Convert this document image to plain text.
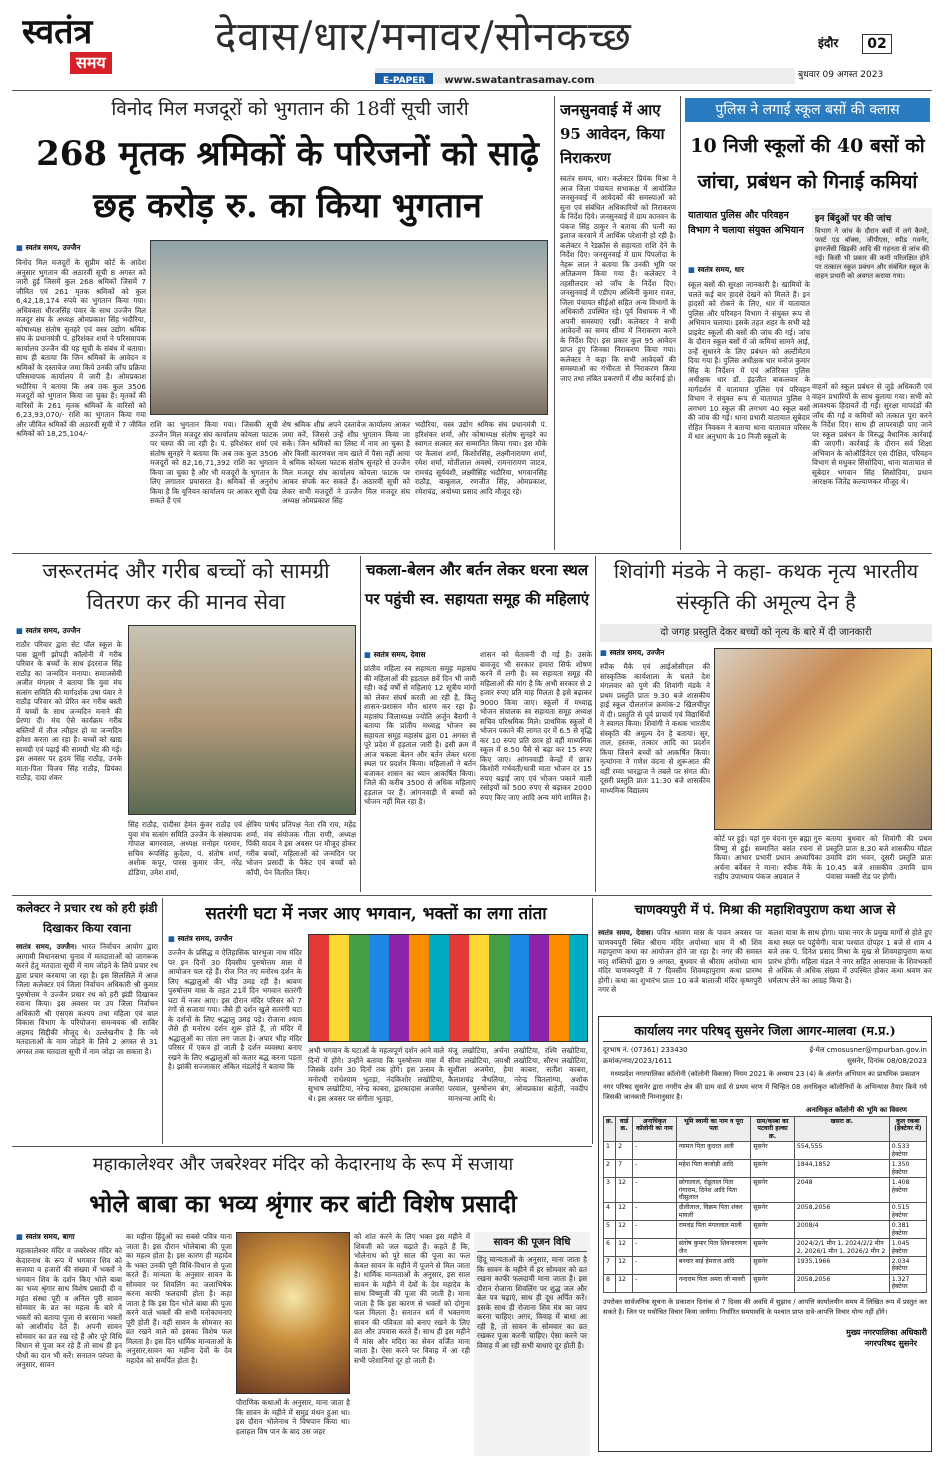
स्वतंत्र
समय
देवास/धार/मनावर/सोनकच्छ
E-PAPER www.swatantrasamay.com
इंदौर	02
बुधवार 09 अगस्त 2023
विनोद मिल मजदूरों को भुगतान की 18वीं सूची जारी
268 मृतक श्रमिकों के परिजनों को साढ़े छह करोड़ रु. का किया भुगतान
■ स्वतंत्र समय, उज्जैन
विनोद मिल मजदूरों के सुप्रीम कोर्ट के आदेश अनुसार भुगतान की अठारवीं सूची 8 अगस्त को जारी हुई जिसमें कुल 268 श्रमिकों जिसमें 7 जीवित एवं 261 मृतक श्रमिकों को कुल 6,42,18,174 रुपये का भुगतान किया गया। अधिवक्ता धीरजसिंह पंवार के साथ उज्जैन मिल मजदूर संघ के अध्यक्ष ओमप्रकाश सिंह भदौरिया, कोषाध्यक्ष संतोष सुनहरे एवं वस्त्र उद्योग श्रमिक संघ के प्रधानमंत्री पं. हरिशंकर शर्मा ने परिसमापक कार्यालय उज्जैन की यह सूची के संबंध में बताया। साथ ही बताया कि जिन श्रमिकों के आवेदन व श्रमिकों के दस्तावेज जमा किये उनकी जाँच प्रक्रिया परिसमापक कार्यालय में जारी है। ओमप्रकाश भदौरिया ने बताया कि अब तक कुल 3506 मजदूरों को भुगतान किया जा चुका है। मृतकों की वारिसों के 261 मृतक श्रमिकों के वारिसों को 6,23,93,070/- राशि का भुगतान किया गया और जीवित श्रमिकों की अठारवीं सूची में 7 जीवित श्रमिकों को 18,25,104/-
राशि का भुगतान किया गया। जिसकी सूची उज्जैन मिल मजदूर संघ कार्यालय कोयला फाटक पर चस्पा की जा रही है। पं. हरिशंकर शर्मा एवं संतोष सुनहरे ने बताया कि अब तक कुल 3506 मजदूरों को 82,16,71,392 राशि का भुगतान किया जा चुका है और भी मजदूरों के भुगतान के लिए लगातार प्रयासरत है। श्रमिकों से अनुरोध किया है कि यूनियन कार्यालय पर आकर सूची देख सकते हैं एवं
शेष श्रमिक शीघ्र अपने दस्तावेज कार्यालय आकर जमा करें, जिससे उन्हें शीघ्र भुगतान किया जा सके। जिन श्रमिकों का लिस्ट में नाम आ चुका है और किसी कारणवश नाम खाते में पैसा नहीं आया वे श्रमिक कोयला फाटक संतोष सुनहरे से उज्जैन मिल मजदूर संघ कार्यालय कोयला फाटक पर आकर संपर्क कर सकते हैं। अठारवीं सूची को लेकर सभी मजदूरों ने उज्जैन मिल मजदूर संघ अध्यक्ष ओमप्रकाश सिंह
भदौरिया, वस्त्र उद्योग श्रमिक संघ प्रधानमंत्री पं. हरिशंकर शर्मा, और कोषाध्यक्ष संतोष सुनहरे का स्वागत सत्कार कर सम्मानित किया गया। इस मौके पर कैलाश शर्मा, किशोरसिंह, लक्ष्मीनारायण शर्मा, रमेश शर्मा, मोतीलाल अवस्थे, रामनारायण जाटव, रामचंद्र सूर्यवंशी, लक्ष्मीसिंह भदौरिया, भगवानसिंह राठौड़, बाबूलाल, रणजीत सिंह, ओमप्रकाश, रमेशचंद्र, अयोध्या प्रसाद आदि मौजूद रहे।
जनसुनवाई में आए 95 आवेदन, किया निराकरण
स्वतंत्र समय, धार। कलेक्टर प्रियंक मिश्रा ने आज जिला पंचायत सभाकक्ष में आयोजित जनसुनवाई में आवेदकों की समस्याओं को सुना एवं संबंधित अधिकारियों को निराकरण के निर्देश दिये। जनसुनवाई में ग्राम कानवन के पंकज सिंह ठाकुर ने बताया की पत्नी का इलाज करवाने में आर्थिक परेशानी हो रही है। कलेक्टर ने रेडक्रॉस से सहायता राशि देने के निर्देश दिए। जनसुनवाई में ग्राम पिपलोदा के नेहरू लाल ने बताया कि उनकी भूमि पर अतिक्रमण किया गया है। कलेक्टर ने तहसीलदार को जाँच के निर्देश दिए। जनसुनवाई में एडीएम अश्विनी कुमार रावत, जिला पंचायत सीईओ सहित अन्य विभागों के अधिकारी उपस्थित रहे। पूर्व विधायक ने भी अपनी समस्याएं रखीं। कलेक्टर ने सभी आवेदनों का समय सीमा में निराकरण करने के निर्देश दिए। इस प्रकार कुल 95 आवेदन प्राप्त हुए जिनका निराकरण किया गया। कलेक्टर ने कहा कि सभी आवेदकों की समस्याओं का गंभीरता से निराकरण किया जाए तथा लंबित प्रकरणों में शीघ्र कार्रवाई हो।
पुलिस ने लगाई स्कूल बसों की क्लास
10 निजी स्कूलों की 40 बसों को जांचा, प्रबंधन को गिनाई कमियां
यातायात पुलिस और परिवहन विभाग ने चलाया संयुक्त अभियान
■ स्वतंत्र समय, धार
स्कूल बसों की सुरक्षा जानकारी है। खामियों के चलते कई बार हादसे देखने को मिलते हैं। इन हादसों को रोकने के लिए, धार में यातायात पुलिस और परिवहन विभाग ने संयुक्त रूप से अभियान चलाया। इसके तहत शहर के सभी बड़े प्राइवेट स्कूलों की बसों की जांच की गई। जांच के दौरान स्कूल बसों में जो कमियां सामने आई, उन्हें सुधारने के लिए प्रबंधन को अल्टीमेटम दिया गया है। पुलिस अधीक्षक धार मनोज कुमार सिंह के निर्देशन में एवं अतिरिक्त पुलिस अधीक्षक धार डॉ. इंद्रजीत बाकलवार के मार्गदर्शन में यातायात पुलिस एवं परिवहन विभाग ने संयुक्त रूप से यातायात पुलिस ने लगभग 10 स्कूल की लगभग 40 स्कूल बसों की जांच की गई। थाना प्रभारी यातायात सूबेदार रोहित निवकम ने बताया थाना यातायात परिसर में धार अनुभाग के 10 निजी स्कूलों के
इन बिंदुओं पर की जांच
विभाग ने जांच के दौरान बसों में लगे कैमरे, फर्स्ट एड बॉक्स, जीपीएस, स्पीड गवर्नर, इमरजेंसी खिड़की आदि की गहनता से जांच की गई। किसी भी प्रकार की कमी परिलक्षित होने पर तत्काल स्कूल प्रबंधन और संबंधित स्कूल के वाहन प्रभारी को अवगत कराया गया।
वाहनों को स्कूल प्रबंधन से जुड़े अधिकारी एवं वाहन प्रभारियों के साथ बुलाया गया। सभी को आवश्यक हिदायतें दी गईं। सुरक्षा मापदंडों की जाँच की गई व कमियों को तत्काल पूरा करने के निर्देश दिए। साथ ही लापरवाही पाए जाने पर स्कूल प्रबंधन के विरुद्ध वैधानिक कार्रवाई की जाएगी। कार्रवाई के दौरान सर्व शिक्षा अभियान के कोऑर्डिनेटर एस दीक्षित, परिवहन विभाग से मधुकर सिसोदिया, थाना यातायात से सूबेदार भगवान सिंह सिसोदिया, प्रधान आरक्षक जितेंद्र कल्याणकर मौजूद थे।
जरूरतमंद और गरीब बच्चों को सामग्री वितरण कर की मानव सेवा
■ स्वतंत्र समय, उज्जैन
राठौर परिवार द्वारा सेट पॉल स्कूल के पास झुग्गी झोपड़ी कॉलोनी में गरीब परिवार के बच्चों के साथ इंदरराज सिंह राठौड़ का जन्मदिन मनाया। समाजसेवी अजीत मंगलम ने बताया कि युवा मंच सत्संग समिति की मार्गदर्शक उषा पंवार ने राठौड़ परिवार को प्रेरित कर गरीब बस्ती में बच्चों के साथ जन्मदिन मनाने की प्रेरणा दी। मंच ऐसे कार्यक्रम गरीब बस्तियों में तीज त्यौहार हो या जन्मदिन हमेशा करता आ रहा है। बच्चों को खाद्य सामग्री एवं पढ़ाई की सामग्री भेंट की गई। इस अवसर पर हृदय सिंह राठौड़, उनके माता-पिता विजय सिंह राठौड़, प्रियंका राठौड़, दादा शंकर
सिंह राठौड़, दादीसा हेमंत कुंवर राठौड़ एवं युवा मंच सत्संग समिति उज्जैन के संस्थापक गोपाल बागरवाल, अध्यक्ष मनोहर परमार, सचिव रूपसिंह कुदेला, पं. संतोष शर्मा, अशोक कपूर, पारस कुमार जैन, नरेंद्र डोडिया, उमेश शर्मा,
क्षेत्रिय पार्षद प्रतिपक्ष नेता रवि राय, महेंद्र शर्मा, मंच संयोजक गीता राणी, अध्यक्ष पिंकी यादव ने इस अवसर पर मौजूद होकर गरीब बच्चों, महिलाओं को जन्मदिन पर भोजन प्रसादी के पैकेट एवं बच्चों को कॉपी, पेन वितरित किए।
चकला-बेलन और बर्तन लेकर धरना स्थल पर पहुंची स्व. सहायता समूह की महिलाएं
■ स्वतंत्र समय, देवास
प्रांतीय महिला स्व सहायता समूह महासंघ की महिलाओं की हड़ताल 8वें दिन भी जारी रही। कई वर्षों से महिलाएं 12 सूत्रीय मांगों को लेकर संघर्ष करती आ रही है, किंतु शासन-प्रशासन मौन धारण कर रहा है। महासंघ जिलाध्यक्ष ज्योति अर्जुन बैरागी ने बताया कि प्रांतीय मध्याह्न भोजन स्व सहायता समूह महासंघ द्वारा 01 अगस्त से पूरे प्रदेश में हड़ताल जारी है। इसी क्रम में आज चकला बेलन और बर्तन लेकर धरना स्थल पर प्रदर्शन किया। महिलाओं ने बर्तन बजाकर शासन का ध्यान आकर्षित किया। जिले की करीब 3500 से अधिक महिलाएं हड़ताल पर हैं। आंगनवाड़ी में बच्चों को भोजन नहीं मिल रहा है।
शासन को चेतावनी दी गई है। उसके बावजूद भी सरकार हमारा सिर्फ शोषण करने में लगी है। स्व सहायता समूह की महिलाओं की मांग है कि अभी सरकार से 2 हजार रुपए प्रति माह मिलता है इसे बढ़ाकर 9000 किया जाए। स्कूलों में मध्याह्न भोजन संचालक स्व सहायता समूह अध्यक्ष सचिव परिश्रमिक मिले। प्राथमिक स्कूलों में भोजन पकाने की लागत दर में 6.5 से वृद्धि कर 10 रुपए प्रति छात्र हो वहीं माध्यमिक स्कूल में 8.50 पैसे से बढ़ा कर 15 रुपए किए जाए। आंगनवाड़ी केन्द्रों में छात्र/किशोरी गर्भवती/धात्री माता भोजन दर 15 रुपए बढ़ाई जाए एवं भोजन पकाने वाली रसोइयों को 500 रुपए से बढ़ाकर 2000 रुपए किए जाए आदि अन्य मांगे शामिल है।
शिवांगी मंडके ने कहा- कथक नृत्य भारतीय संस्कृति की अमूल्य देन है
दो जगह प्रस्तुति देकर बच्चों को नृत्य के बारे में दी जानकारी
■ स्वतंत्र समय, उज्जैन
स्पीक मैके एवं आईओसीएल की सांस्कृतिक कार्यशाला के चलते देश मंगलवार को पुणे की शिवांगी मंडके ने प्रथम प्रस्तुति प्रातः 9.30 बजे शासकीय हाई स्कूल दौलतगंज क्रमांक-2 खिलचीपुर में दी। प्रस्तुति से पूर्व प्राचार्य एवं विद्यार्थियों ने स्वागत किया। शिवांगी ने कथक भारतीय संस्कृति की अमूल्य देन है बताया। सुर, ताल, हस्तक, तत्कार आदि का प्रदर्शन किया जिसने बच्चों को आकर्षित किया। नृत्यांगना ने गणेश वंदना से शुरूआत की वहीं रम्या भारद्वाज ने तबले पर संगत की। दूसरी प्रस्तुति प्रातः 11:30 बजे शासकीय माध्यमिक विद्यालय
कोर्ट पर हुई। यहां गुरु वंदना गुरु ब्रह्मा गुरु विष्णु से हुई। सम्मानित बसंत रचना से किया। आभार प्रभारी प्रधान अध्यापिका अर्चना बर्वेकर ने माना। स्पीक मैके के राहीप उपाध्याय पंकज अग्रवाल ने
बताया बुधवार को शिवांगी की प्रथम प्रस्तुति प्रातः 8.30 बजे शासकीय मॉडल उमावि डांग भवन, दूसरी प्रस्तुति प्रातः 10.45 बजे शासकीय उमावि ग्राम पंवासा मक्सी रोड पर होगी।
कलेक्टर ने प्रचार रथ को हरी झंडी दिखाकर किया रवाना
स्वतंत्र समय, उज्जैन। भारत निर्वाचन आयोग द्वारा आगामी विधानसभा चुनाव में मतदाताओं को जागरूक करने हेतु मतदाता सूची में नाम जोड़ने के लिये प्रचार रथ द्वारा प्रचार करवाया जा रहा है। इस सिलसिले में आज जिला कलेक्टर एवं जिला निर्वाचन अधिकारी श्री कुमार पुरुषोत्तम ने उज्जैन प्रचार रथ को हरी झंडी दिखाकर रवाना किया। इस अवसर पर उप जिला निर्वाचन अधिकारी श्री एसएस कश्यप तथा महिला एवं बाल विकास विभाग के परियोजना समन्वयक श्री साबिर अहमद सिद्दीकी मौजूद थे। उल्लेखनीय है कि नवे मतदाताओं के नाम जोड़ने के लिये 2 अगस्त से 31 अगस्त तक मतदाता सूची में नाम जोड़ा जा सकता है।
सतरंगी घटा में नजर आए भगवान, भक्तों का लगा तांता
■ स्वतंत्र समय, उज्जैन
उज्जैन के प्रसिद्ध व ऐतिहासिक चारभुजा नाथ मंदिर पर इन दिनों 30 दिवसीय पुरुषोत्तम मास में आयोजन चल रहे हैं। रोज नित नए मनोरथ दर्शन के लिए श्रद्धालुओं की भीड़ उमड़ रही है। श्रावण पुरुषोत्तम मास के तहत 21वें दिन भगवान सतरंगी घटा में नजर आए। इस दौरान मंदिर परिसर को 7 रंगों से सजाया गया। जैसे ही दर्शन खुले सतरंगी घटा के दर्शनों के लिए श्रद्धालु उमड़ पड़े। रोजाना श्याम जैसे ही मनोरथ दर्शन शुरू होते हैं, तो मंदिर में श्रद्धालुओं का तांता लग जाता है। अपार भीड़ मंदिर परिसर में एकत्र हो जाती है दर्शन व्यवस्था बनाए रखने के लिए श्रद्धालुओं को कतार बद्ध करना पड़ता है। झांकी सज्जाकार अंकित मंडलोई ने बताया कि
अभी भगवान के घटाओं के महत्वपूर्ण दर्शन आने वाले दिनों में होंगे। उन्होंने बताया कि पुरुषोत्तम मास में जिसके दर्शन 30 दिनों तक होंगे। इस उत्सव के मनोरथी राधेश्याम भुतड़ा, नंदकिशोर लखोटिया, सुभाष लखोटिया, नरेन्द्र काबरा, द्वारकादास अजमेरा थे। इस अवसर पर संगीता भूतड़ा,
मंजू लखोटिया, अर्चना लखोटिया, रश्मि लखोटिया, सीमा लखोटिया, जयश्री लखोटिया, सौरभ लखोटिया, सुशीला अजमेरा, हेमा काबरा, सतीश काबरा, कैलाशचंद्र जैथलिया, नरेन्द्र चितलांग्या, अशोक परवाल, पुरुषोत्तम बंग, ओमप्रकाश बाहेती, नवदीप मानधन्या आदि थे।
चाणक्यपुरी में पं. मिश्रा की महाशिवपुराण कथा आज से
स्वतंत्र समय, देवास। पवित्र श्रावण मास के पावन अवसर पर चाणक्यपुरी स्थित श्रीराम मंदिर अयोध्या धाम में श्री शिव महापुराण कथा का आयोजन होने जा रहा है। नगर की समस्त मातृ शक्तियों द्वारा 9 अगस्त, बुधवार से श्रीराम अयोध्या धाम मंदिर चाणक्यपुरी में 7 दिवसीय शिवमहापुराण कथा प्रारम्भ होगी। कथा का शुभारंभ प्रातः 10 बजे बालाजी मंदिर कृष्णपुरी नगर से
कलश यात्रा के साथ होगा। यात्रा नगर के प्रमुख मार्गों से होते हुए कथा स्थल पर पहुंचेगी। यात्रा पश्चात दोपहर 1 बजे से शाम 4 बजे तक पं. दिनेश प्रसाद मिश्रा के मुख से शिवमहापुराण कथा प्रारंभ होगी। महिला मंडल ने नगर सहित आसपास के शिवभक्तों से अधिक से अधिक संख्या में उपस्थित होकर कथा श्रवण कर धर्मलाभ लेने का आग्रह किया है।
कार्यालय नगर परिषद् सुसनेर जिला आगर-मालवा (म.प्र.)
दूरभाष नं. (07361) 233430	ई-मेल cmosusner@mpurban.gov.in
क्रमांक/नपा/2023/1611	सुसनेर, दिनांक 08/08/2023
मध्यप्रदेश नगरपालिका कॉलोनी (कॉलोनी विकास) नियम 2021 के अध्याय 23 (4) के अंतर्गत अभियान का प्राथमिक प्रकाशन
नगर परिषद सुसनेर द्वारा नगरीय क्षेत्र की ग्राम वार्ड से प्रथम चरण में चिन्हित 08 अनधिकृत कॉलोनियों के अभिन्यास तैयार किये गये जिसकी जानकारी निम्नानुसार है।
अनाधिकृत कॉलोनी की भूमि का विवरण
क्र.	वार्ड क्र.	अनाधिकृत कॉलोनी का नाम	भूमि स्वामी का नाम व पूरा पता	ग्राम/कस्बा का पटवारी हल्का क्र.	खसरा क्र.	कुल रकबा (हेक्टेयर में)
1	2	-	न्यामत पिता कुदरत अली	सुसनेर	554,555	0.533 हेक्टेयर
2	7	-	महेश पिता कजोड़ी आदि	सुसनेर	1844,1852	1.350 हेक्टेयर
3	12	-	छोगालाल, रोडूलाल पिता गंगाराम, दिनेश आदि पिता घीसुलाल	सुसनेर	2048	1.408 हेक्टेयर
4	12	-	दौलीलाल, विक्रम पिता शंकर मावली	सुसनेर	2058,2056	0.515 हेक्टेयर
5	12	-	रामचंद्र पिता मंगतलाल माली	सुसनेर	2008/4	0.381 हेक्टेयर
6	12	-	संतोष कुमार पिता शिवनारायण जैन	सुसनेर	2024/2/1 मीन 1, 2024/2/2 मीन 2, 2026/1 मीन 1, 2026/2 मीन 2	1.045 हेक्टेयर
7	12	-	बनवार बाई हेमराज आदि	सुसनेर	1935,1966	2.034 हेक्टेयर
8	12	-	नन्दराम पिता अमरा जी मावरी	सुसनेर	2058,2056	1.327 हेक्टेयर
उपरोक्त सार्वजनिक सूचना के प्रकाशन दिनांक से 7 दिवस की अवधि में सुझाव / आपत्ति कार्यालयीन समय में लिखित रूप में प्रस्तुत कर सकते है। जिन पर यथोचित विचार किया जायेगा। निर्धारित समयावधि के पश्चात प्राप्त दावे-आपत्ति विचार योग्य नहीं होंगे।
मुख्य नगरपालिका अधिकारी
नगरपरिषद सुसनेर
महाकालेश्वर और जबरेश्वर मंदिर को केदारनाथ के रूप में सजाया
भोले बाबा का भव्य श्रृंगार कर बांटी विशेष प्रसादी
■ स्वतंत्र समय, बागा
महाकालेश्वर मंदिर व जबरेश्वर मंदिर को केदारनाथ के रूप में भगवान शिव को सजाया व हजारों की संख्या में भक्तों ने भगवान शिव के दर्शन किए भोले बाबा का भव्य श्रृंगार साथ विशेष प्रसादी दी व महंत संस्था पूरी व अनिल पुरी सावन सोमवार के व्रत का महत्व के बारे में भक्तों को बताया पूजा से बरसाना भक्तों को आशीर्वाद देते हैं। अपनी सावन सोमवार का व्रत रख रहे हैं और पूरे विधि विधान से पूजा कर रहे हैं तो साथ ही इन पौधों का दान भी करें। सनातन परंपरा के अनुसार, सावन
का महीना हिंदुओं का सबसे पवित्र माना जाता है। इस दौरान भोलेबाबा की पूजा का महत्व होता है। इस कारण ही महादेव के भक्त उनकी पूरी विधि-विधान से पूजा करते हैं। मान्यता के अनुसार सावन के सोमवार पर शिवलिंग का जलाभिषेक करना काफी फलदायी होता है। कहा जाता है कि इस दिन भोले बाबा की पूजा करने वाले भक्तों की सभी मनोकामनाएं पूरी होती हैं। वहीं सावन के सोमवार का व्रत रखने वाले को इसका विशेष फल मिलता है। इस दिन धार्मिक मान्यताओं के अनुसार,सावन का महीना देवों के देव महादेव को समर्पित होता है।
पौराणिक कथाओं के अनुसार, माना जाता है कि सावन के महीने में समुद्र मंथन हुआ था। इस दौरान भोलेनाथ ने विषपान किया था। हलाहल विष पान के बाद उस जहर
को शांत करने के लिए भक्त इस महीने में शिवजी को जल चढ़ाते हैं। कहते हैं कि, भोलेनाथ को पूरे साल की पूजा का फल केवल सावन के महीने में पूजने से मिल जाता है। धार्मिक मान्यताओं के अनुसार, इस साल सावन के महीने में देवों के देव महादेव के साथ विष्णुजी की पूजा की जाती है। माना जाता है कि इस कारण से भक्तों को दोगुना फल मिलता है। सनातन धर्म में भक्तगण सावन की पवित्रता को बनाए रखने के लिए व्रत और उपवास करते हैं। साथ ही इस महीने में मांस और मदिरा का सेवन वर्जित माना जाता है। ऐसा करने पर विवाह में आ रही सभी परेशानियां दूर हो जाती हैं।
सावन की पूजन विधि
हिंदू मान्यताओं के अनुसार, माना जाता है कि सावन के महीने में हर सोमवार को व्रत रखना काफी फलदायी माना जाता है। इस दौरान रोजाना शिवलिंग पर शुद्ध जल और बेल पत्र चढ़ाएं, साथ ही दूध अर्पित करें। इसके साथ ही रोजाना शिव मंत्र का जाप करना चाहिए। अगर, विवाह में बाधा आ रही है, तो सावन के सोमवार का व्रत रखकर पूजा करनी चाहिए। ऐसा करने पर विवाह में आ रही सभी बाधाएं दूर होती हैं।
